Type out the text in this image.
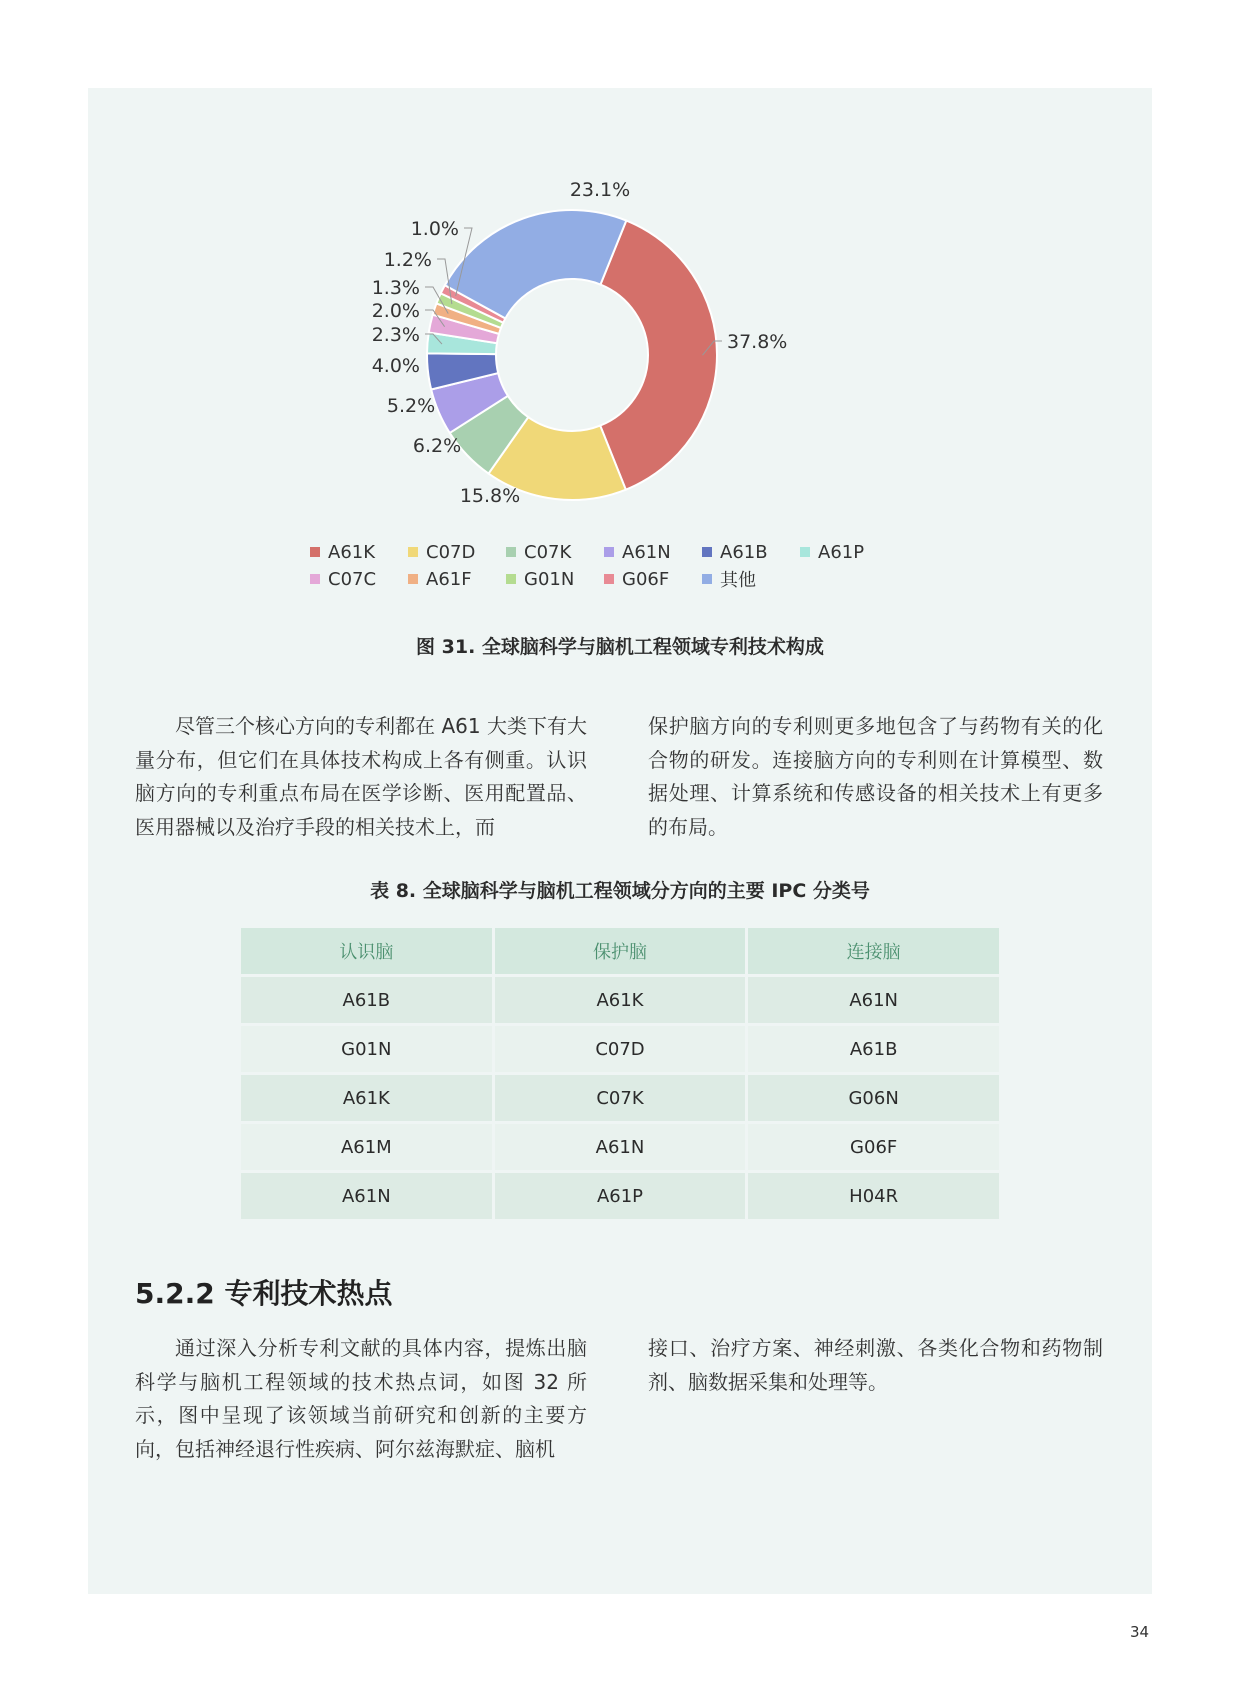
37.8%
15.8%
6.2%
5.2%
4.0%
2.3%
2.0%
1.3%
1.2%
1.0%
23.1%
A61K	C07D	C07K	A61N	A61B	A61P
C07C	A61F	G01N	G06F	其他
图 31. 全球脑科学与脑机工程领域专利技术构成

尽管三个核心方向的专利都在 A61 大类下有大量分布，但它们在具体技术构成上各有侧重。认识脑方向的专利重点布局在医学诊断、医用配置品、医用器械以及治疗手段的相关技术上，而

保护脑方向的专利则更多地包含了与药物有关的化合物的研发。连接脑方向的专利则在计算模型、数据处理、计算系统和传感设备的相关技术上有更多的布局。

表 8. 全球脑科学与脑机工程领域分方向的主要 IPC 分类号
认识脑	保护脑	连接脑
A61B	A61K	A61N
G01N	C07D	A61B
A61K	C07K	G06N
A61M	A61N	G06F
A61N	A61P	H04R
5.2.2 专利技术热点

通过深入分析专利文献的具体内容，提炼出脑科学与脑机工程领域的技术热点词，如图 32 所示，图中呈现了该领域当前研究和创新的主要方向，包括神经退行性疾病、阿尔兹海默症、脑机

接口、治疗方案、神经刺激、各类化合物和药物制剂、脑数据采集和处理等。

34
